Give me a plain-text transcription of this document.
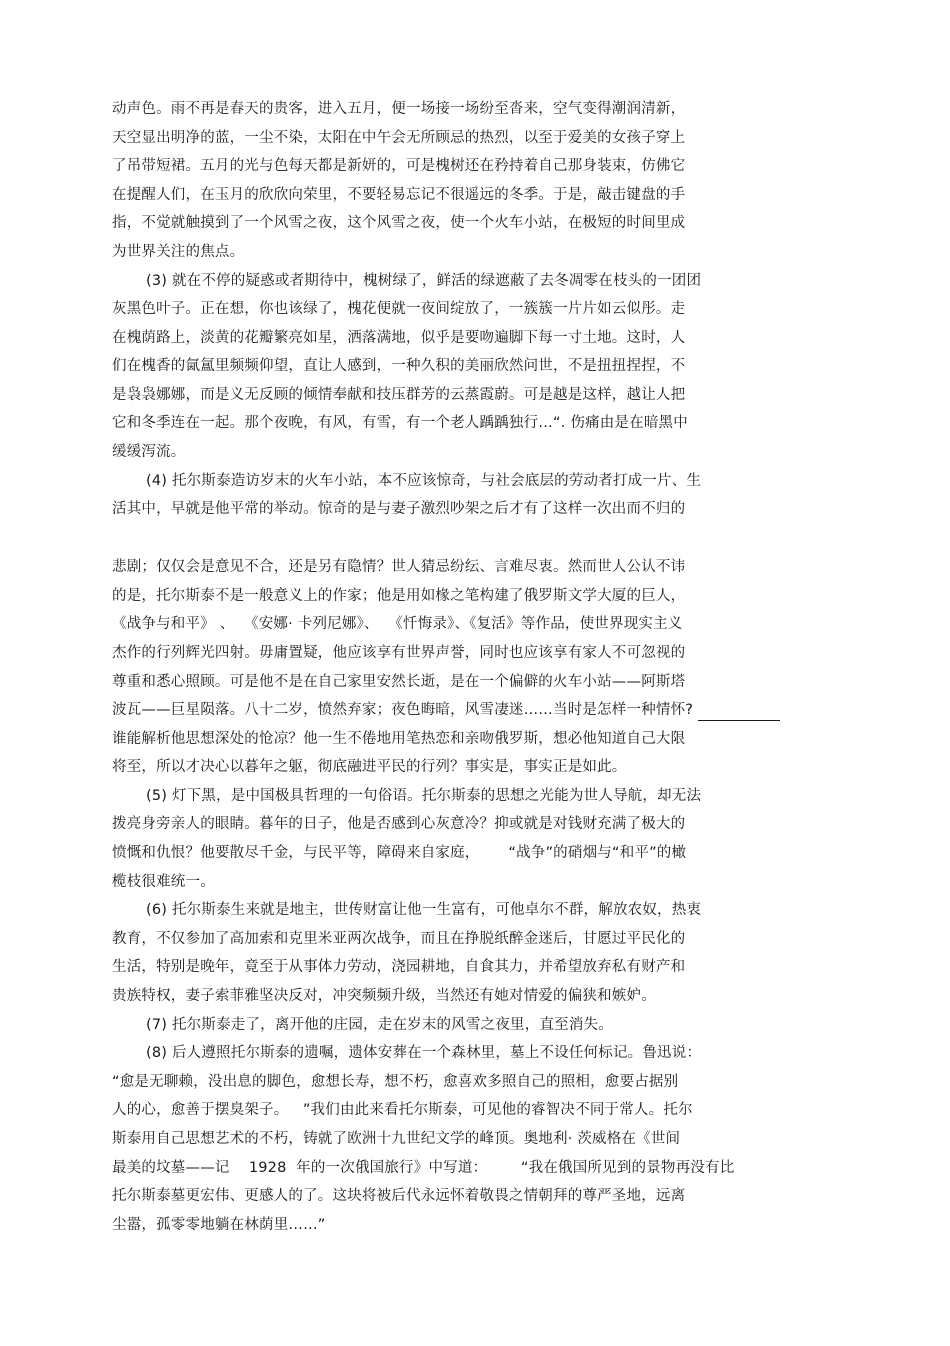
动声色。雨不再是春天的贵客，进入五月，便一场接一场纷至沓来，空气变得潮润清新，
天空显出明净的蓝，一尘不染，太阳在中午会无所顾忌的热烈，以至于爱美的女孩子穿上
了吊带短裙。五月的光与色每天都是新妍的，可是槐树还在矜持着自己那身装束，仿佛它
在提醒人们，在玉月的欣欣向荣里，不要轻易忘记不很遥远的冬季。于是，敲击键盘的手
指，不觉就触摸到了一个风雪之夜，这个风雪之夜，使一个火车小站，在极短的时间里成
为世界关注的焦点。
(3) 就在不停的疑惑或者期待中，槐树绿了，鲜活的绿遮蔽了去冬凋零在枝头的一团团
灰黑色叶子。正在想，你也该绿了，槐花便就一夜间绽放了，一簇簇一片片如云似彤。走
在槐荫路上，淡黄的花瓣繁亮如星，洒落满地，似乎是要吻遍脚下每一寸土地。这时，人
们在槐香的氤氲里频频仰望，直让人感到，一种久积的美丽欣然问世，不是扭扭捏捏，不
是袅袅娜娜，而是义无反顾的倾情奉献和技压群芳的云蒸霞蔚。可是越是这样，越让人把
它和冬季连在一起。那个夜晚，有风，有雪，有一个老人踽踽独行…“. 伤痛由是在暗黑中
缓缓泻流。
(4) 托尔斯泰造访岁末的火车小站，本不应该惊奇，与社会底层的劳动者打成一片、生
活其中，早就是他平常的举动。惊奇的是与妻子激烈吵架之后才有了这样一次出而不归的
悲剧；仅仅会是意见不合，还是另有隐情？世人猜忌纷纭、言难尽衷。然而世人公认不讳
的是，托尔斯泰不是一般意义上的作家；他是用如椽之笔构建了俄罗斯文学大厦的巨人，
《战争与和平》 、  《安娜· 卡列尼娜》、  《忏悔录》、《复活》等作品，使世界现实主义
杰作的行列辉光四射。毋庸置疑，他应该享有世界声誉，同时也应该享有家人不可忽视的
尊重和悉心照顾。可是他不是在自己家里安然长逝，是在一个偏僻的火车小站——阿斯塔
波瓦——巨星陨落。八十二岁，愤然弃家；夜色晦暗，风雪凄迷……当时是怎样一种情怀?
谁能解析他思想深处的怆凉？他一生不倦地用笔热恋和亲吻俄罗斯，想必他知道自己大限
将至，所以才决心以暮年之躯，彻底融进平民的行列？事实是，事实正是如此。
(5) 灯下黑，是中国极具哲理的一句俗语。托尔斯泰的思想之光能为世人导航，却无法
拨亮身旁亲人的眼睛。暮年的日子，他是否感到心灰意冷？抑或就是对钱财充满了极大的
愤慨和仇恨？他要散尽千金，与民平等，障碍来自家庭，      “战争”的硝烟与“和平”的橄
榄枝很难统一。
(6) 托尔斯泰生来就是地主，世传财富让他一生富有，可他卓尔不群，解放农奴，热衷
教育，不仅参加了高加索和克里米亚两次战争，而且在挣脱纸醉金迷后，甘愿过平民化的
生活，特别是晚年，竟至于从事体力劳动，浇园耕地，自食其力，并希望放弃私有财产和
贵族特权，妻子索菲雅坚决反对，冲突频频升级，当然还有她对情爱的偏狭和嫉妒。
(7) 托尔斯泰走了，离开他的庄园，走在岁末的风雪之夜里，直至消失。
(8) 后人遵照托尔斯泰的遗嘱，遗体安葬在一个森林里，墓上不设任何标记。鲁迅说：
“愈是无聊赖，没出息的脚色，愈想长寿，想不朽，愈喜欢多照自己的照相，愈要占据别
人的心，愈善于摆臭架子。   ”我们由此来看托尔斯泰，可见他的睿智决不同于常人。托尔
斯泰用自己思想艺术的不朽，铸就了欧洲十九世纪文学的峰顶。奥地利· 茨威格在《世间
最美的坟墓——记    1928  年的一次俄国旅行》中写道：       “我在俄国所见到的景物再没有比
托尔斯泰墓更宏伟、更感人的了。这块将被后代永远怀着敬畏之情朝拜的尊严圣地，远离
尘嚣，孤零零地躺在林荫里……”
